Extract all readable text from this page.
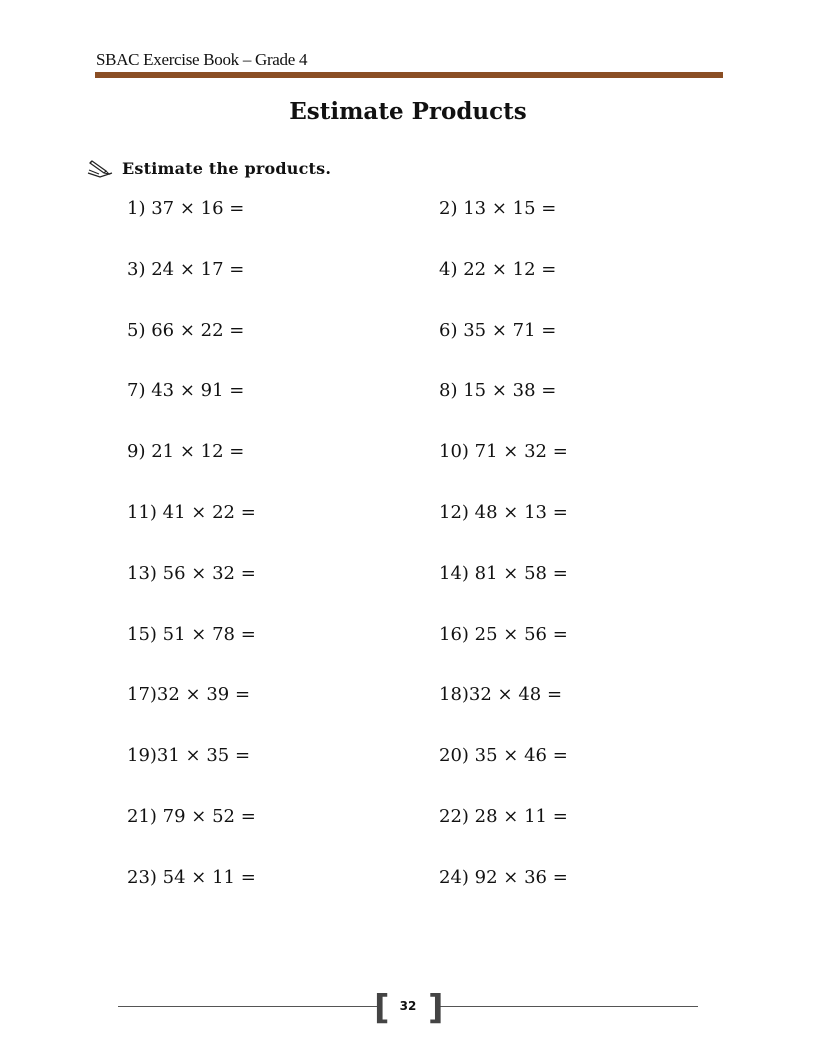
SBAC Exercise Book – Grade 4
Estimate Products
Estimate the products.
1) 37 × 16 =	2) 13 × 15 =
3) 24 × 17 =	4) 22 × 12 =
5) 66 × 22 =	6) 35 × 71 =
7) 43 × 91 =	8) 15 × 38 =
9) 21 × 12 =	10) 71 × 32 =
11) 41 × 22 =	12) 48 × 13 =
13) 56 × 32 =	14) 81 × 58 =
15) 51 × 78 =	16) 25 × 56 =
17)32 × 39 =	18)32 × 48 =
19)31 × 35 =	20) 35 × 46 =
21) 79 × 52 =	22) 28 × 11 =
23) 54 × 11 =	24) 92 × 36 =
[ ]
32
